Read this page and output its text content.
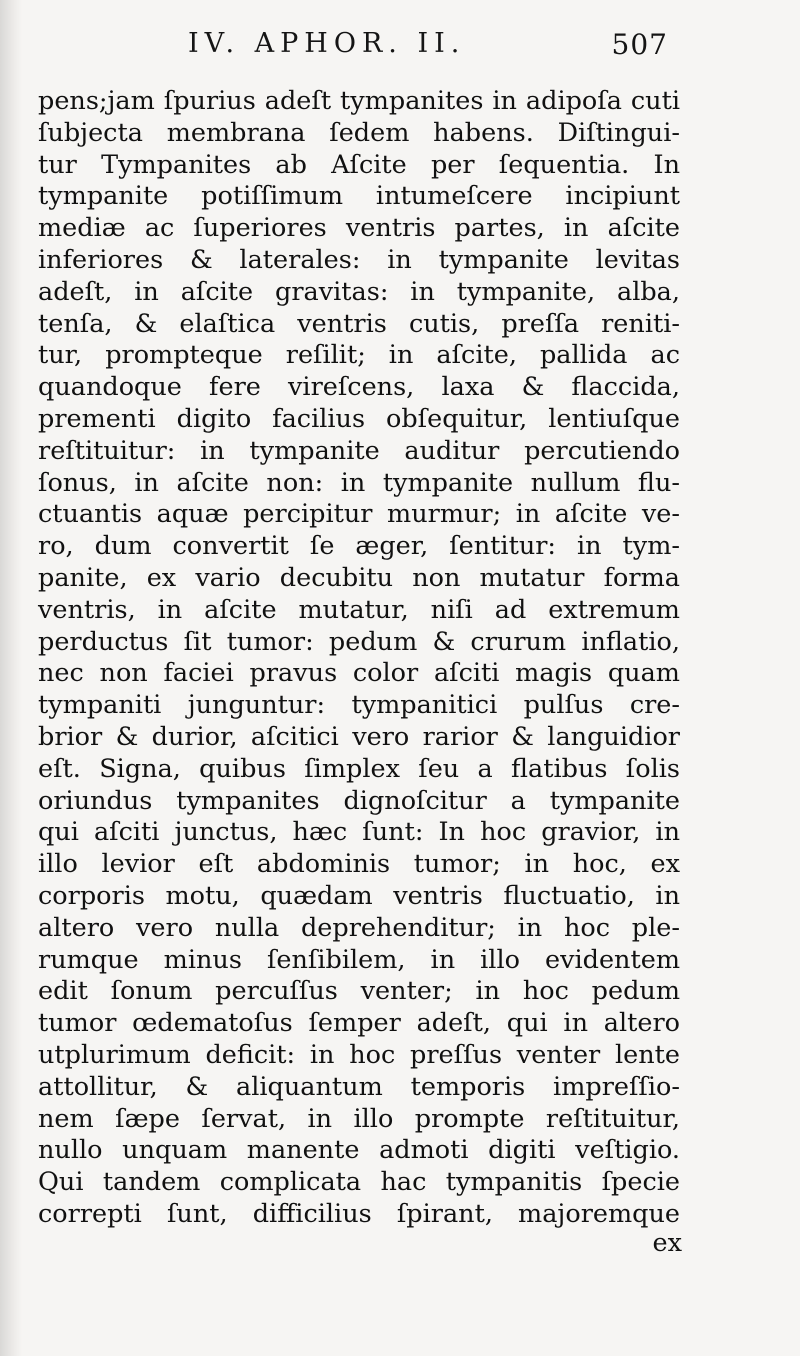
IV. APHOR. II.	507
pens;jam ſpurius adeſt tympanites in adipoſa cuti
ſubjecta membrana ſedem habens. Diſtingui-
tur Tympanites ab Aſcite per ſequentia. In
tympanite potiſſimum intumeſcere incipiunt
mediæ ac ſuperiores ventris partes, in aſcite
inferiores & laterales: in tympanite levitas
adeſt, in aſcite gravitas: in tympanite, alba,
tenſa, & elaſtica ventris cutis, preſſa reniti-
tur, prompteque reſilit; in aſcite, pallida ac
quandoque fere vireſcens, laxa & flaccida,
prementi digito facilius obſequitur, lentiuſque
reſtituitur: in tympanite auditur percutiendo
ſonus, in aſcite non: in tympanite nullum flu-
ctuantis aquæ percipitur murmur; in aſcite ve-
ro, dum convertit ſe æger, ſentitur: in tym-
panite, ex vario decubitu non mutatur forma
ventris, in aſcite mutatur, niſi ad extremum
perductus ſit tumor: pedum & crurum inflatio,
nec non faciei pravus color aſciti magis quam
tympaniti junguntur: tympanitici pulſus cre-
brior & durior, aſcitici vero rarior & languidior
eſt. Signa, quibus ſimplex ſeu a flatibus ſolis
oriundus tympanites dignoſcitur a tympanite
qui aſciti junctus, hæc ſunt: In hoc gravior, in
illo levior eſt abdominis tumor; in hoc, ex
corporis motu, quædam ventris fluctuatio, in
altero vero nulla deprehenditur; in hoc ple-
rumque minus ſenſibilem, in illo evidentem
edit ſonum percuſſus venter; in hoc pedum
tumor œdematoſus ſemper adeſt, qui in altero
utplurimum deficit: in hoc preſſus venter lente
attollitur, & aliquantum temporis impreſſio-
nem ſæpe ſervat, in illo prompte reſtituitur,
nullo unquam manente admoti digiti veſtigio.
Qui tandem complicata hac tympanitis ſpecie
correpti ſunt, difficilius ſpirant, majoremque
ex
